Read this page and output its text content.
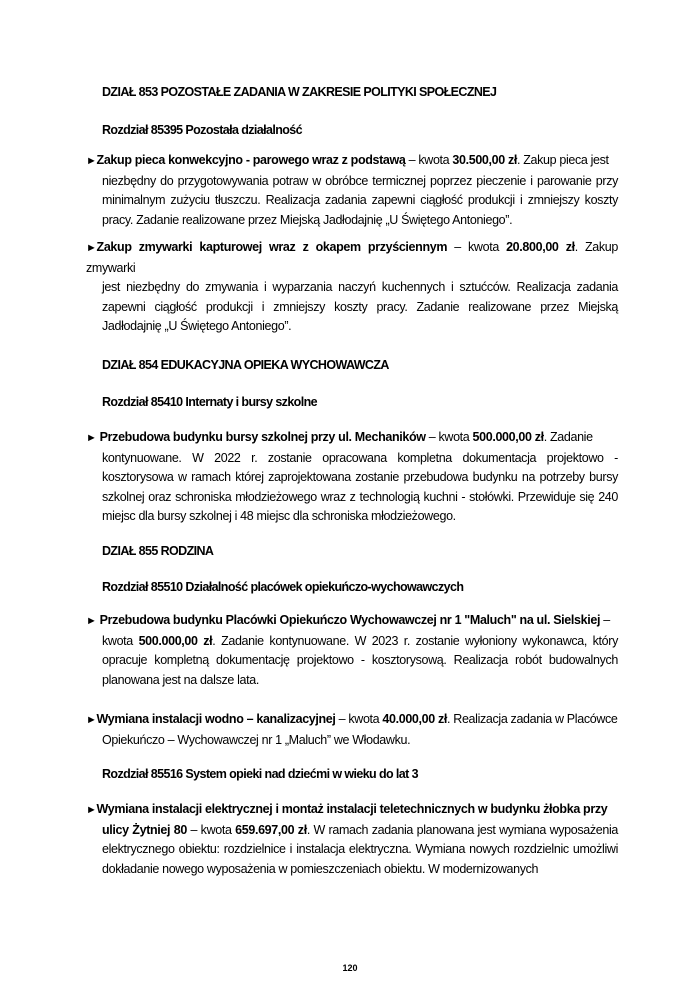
DZIAŁ 853 POZOSTAŁE ZADANIA W ZAKRESIE POLITYKI SPOŁECZNEJ
Rozdział 85395 Pozostała działalność
►Zakup pieca konwekcyjno - parowego wraz z podstawą – kwota 30.500,00 zł. Zakup pieca jest
niezbędny do przygotowywania potraw w obróbce termicznej poprzez pieczenie i parowanie przy minimalnym zużyciu tłuszczu. Realizacja zadania zapewni ciągłość produkcji i zmniejszy koszty pracy. Zadanie realizowane przez Miejską Jadłodajnię „U Świętego Antoniego”.
►Zakup zmywarki kapturowej wraz z okapem przyściennym – kwota 20.800,00 zł. Zakup zmywarki
jest niezbędny do zmywania i wyparzania naczyń kuchennych i sztućców. Realizacja zadania zapewni ciągłość produkcji i zmniejszy koszty pracy. Zadanie realizowane przez Miejską Jadłodajnię „U Świętego Antoniego”.
DZIAŁ 854 EDUKACYJNA OPIEKA WYCHOWAWCZA
Rozdział 85410 Internaty i bursy szkolne
► Przebudowa budynku bursy szkolnej przy ul. Mechaników – kwota 500.000,00 zł. Zadanie
kontynuowane. W 2022 r. zostanie opracowana kompletna dokumentacja projektowo - kosztorysowa w ramach której zaprojektowana zostanie przebudowa budynku na potrzeby bursy szkolnej oraz schroniska młodzieżowego wraz z technologią kuchni - stołówki. Przewiduje się 240 miejsc dla bursy szkolnej i 48 miejsc dla schroniska młodzieżowego.
DZIAŁ 855 RODZINA
Rozdział 85510 Działalność placówek opiekuńczo-wychowawczych
► Przebudowa budynku Placówki Opiekuńczo Wychowawczej nr 1 "Maluch" na ul. Sielskiej –
kwota 500.000,00 zł. Zadanie kontynuowane. W 2023 r. zostanie wyłoniony wykonawca, który opracuje kompletną dokumentację projektowo - kosztorysową. Realizacja robót budowalnych planowana jest na dalsze lata.
►Wymiana instalacji wodno – kanalizacyjnej – kwota 40.000,00 zł. Realizacja zadania w Placówce
Opiekuńczo – Wychowawczej nr 1 „Maluch” we Włodawku.
Rozdział 85516 System opieki nad dziećmi w wieku do lat 3
►Wymiana instalacji elektrycznej i montaż instalacji teletechnicznych w budynku żłobka przy
ulicy Żytniej 80 – kwota 659.697,00 zł. W ramach zadania planowana jest wymiana wyposażenia elektrycznego obiektu: rozdzielnice i instalacja elektryczna. Wymiana nowych rozdzielnic umożliwi dokładanie nowego wyposażenia w pomieszczeniach obiektu. W modernizowanych
120
